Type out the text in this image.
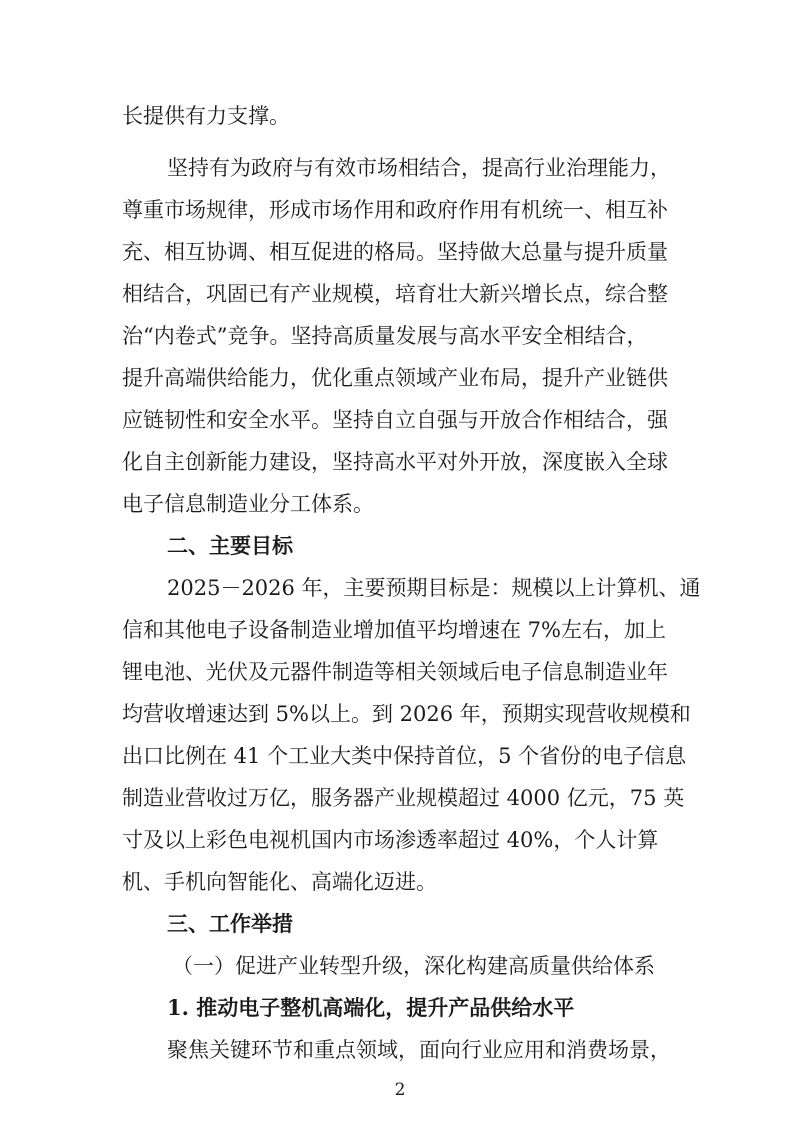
长提供有力支撑。
坚持有为政府与有效市场相结合，提高行业治理能力，
尊重市场规律，形成市场作用和政府作用有机统一、相互补
充、相互协调、相互促进的格局。坚持做大总量与提升质量
相结合，巩固已有产业规模，培育壮大新兴增长点，综合整
治“内卷式”竞争。坚持高质量发展与高水平安全相结合，
提升高端供给能力，优化重点领域产业布局，提升产业链供
应链韧性和安全水平。坚持自立自强与开放合作相结合，强
化自主创新能力建设，坚持高水平对外开放，深度嵌入全球
电子信息制造业分工体系。
二、主要目标
2025－2026 年，主要预期目标是：规模以上计算机、通
信和其他电子设备制造业增加值平均增速在 7%左右，加上
锂电池、光伏及元器件制造等相关领域后电子信息制造业年
均营收增速达到 5%以上。到 2026 年，预期实现营收规模和
出口比例在 41 个工业大类中保持首位，5 个省份的电子信息
制造业营收过万亿，服务器产业规模超过 4000 亿元，75 英
寸及以上彩色电视机国内市场渗透率超过 40%，个人计算
机、手机向智能化、高端化迈进。
三、工作举措
（一）促进产业转型升级，深化构建高质量供给体系
1. 推动电子整机高端化，提升产品供给水平
聚焦关键环节和重点领域，面向行业应用和消费场景，
2
